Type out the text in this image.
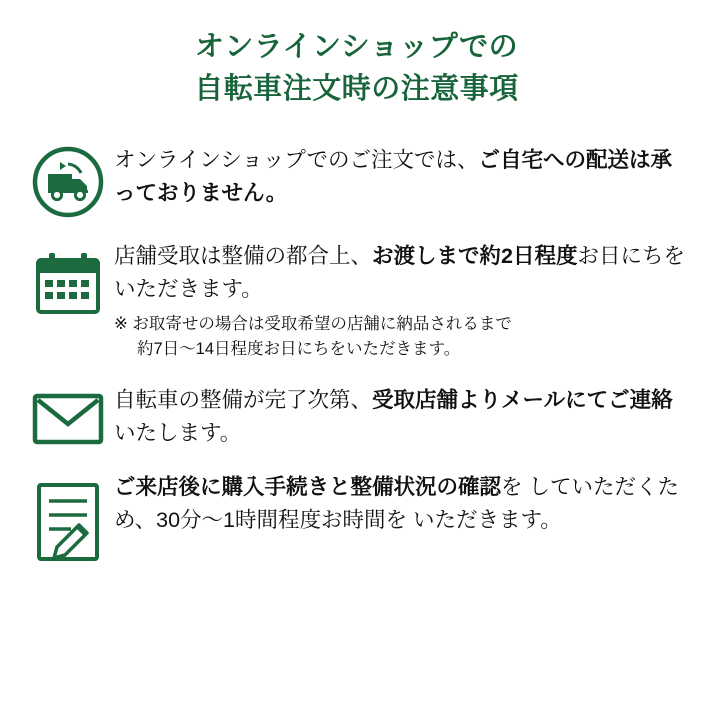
オンラインショップでの
自転車注文時の注意事項

オンラインショップでのご注文では、ご自宅への配送は承っておりません。

店舗受取は整備の都合上、お渡しまで約2日程度お日にちをいただきます。

※ お取寄せの場合は受取希望の店舗に納品されるまで
約7日〜14日程度お日にちをいただきます。

自転車の整備が完了次第、受取店舗よりメールにてご連絡いたします。

ご来店後に購入手続きと整備状況の確認を していただくため、30分〜1時間程度お時間を いただきます。
